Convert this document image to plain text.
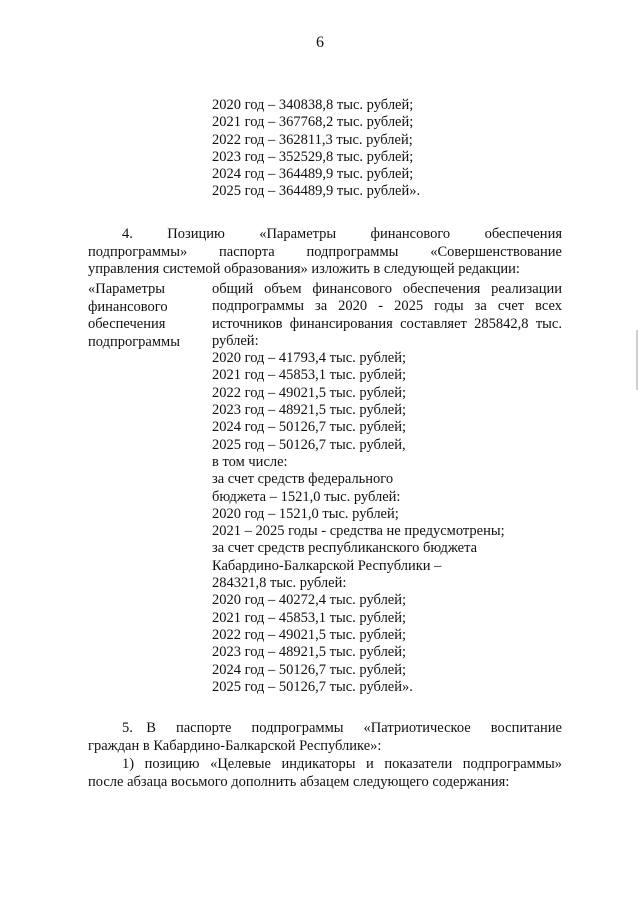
6
2020 год – 340838,8 тыс. рублей;
2021 год – 367768,2 тыс. рублей;
2022 год – 362811,3 тыс. рублей;
2023 год – 352529,8 тыс. рублей;
2024 год – 364489,9 тыс. рублей;
2025 год – 364489,9 тыс. рублей».

4.    Позицию    «Параметры    финансового    обеспечения
подпрограммы»    паспорта    подпрограммы    «Совершенствование
управления системой образования» изложить в следующей редакции:

«Параметры
финансового
обеспечения
подпрограммы
общий объем финансового обеспечения реализации
подпрограммы за 2020 - 2025 годы за счет всех
источников финансирования составляет 285842,8 тыс.
рублей:
2020 год – 41793,4 тыс. рублей;
2021 год – 45853,1 тыс. рублей;
2022 год – 49021,5 тыс. рублей;
2023 год – 48921,5 тыс. рублей;
2024 год – 50126,7 тыс. рублей;
2025 год – 50126,7 тыс. рублей,
в том числе:
за счет средств федерального
бюджета – 1521,0 тыс. рублей:
2020 год – 1521,0 тыс. рублей;
2021 – 2025 годы - средства не предусмотрены;
за счет средств республиканского бюджета
Кабардино-Балкарской Республики –
284321,8 тыс. рублей:
2020 год – 40272,4 тыс. рублей;
2021 год – 45853,1 тыс. рублей;
2022 год – 49021,5 тыс. рублей;
2023 год – 48921,5 тыс. рублей;
2024 год – 50126,7 тыс. рублей;
2025 год – 50126,7 тыс. рублей».

5.  В   паспорте   подпрограммы   «Патриотическое   воспитание
граждан в Кабардино-Балкарской Республике»:

1) позицию «Целевые индикаторы и показатели подпрограммы»
после абзаца восьмого дополнить абзацем следующего содержания:
